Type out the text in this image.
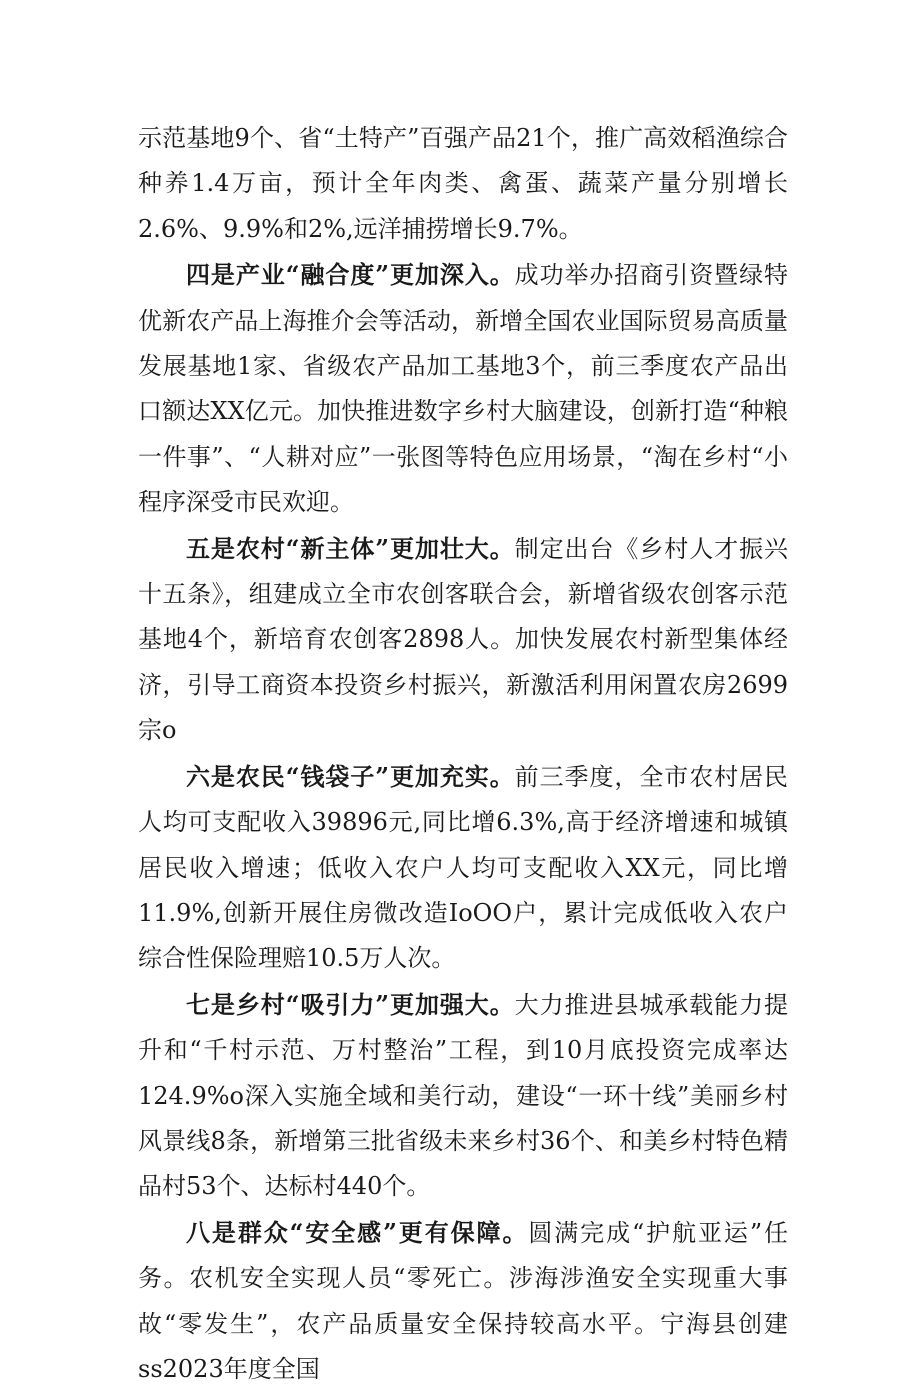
示范基地9个、省“土特产”百强产品21个，推广高效稻渔综合种养1.4万亩，预计全年肉类、禽蛋、蔬菜产量分别增长2.6%、9.9%和2%,远洋捕捞增长9.7%。

四是产业“融合度”更加深入。成功举办招商引资暨绿特优新农产品上海推介会等活动，新增全国农业国际贸易高质量发展基地1家、省级农产品加工基地3个，前三季度农产品出口额达XX亿元。加快推进数字乡村大脑建设，创新打造“种粮一件事”、“人耕对应”一张图等特色应用场景，“淘在乡村“小程序深受市民欢迎。

五是农村“新主体”更加壮大。制定出台《乡村人才振兴十五条》，组建成立全市农创客联合会，新增省级农创客示范基地4个，新培育农创客2898人。加快发展农村新型集体经济，引导工商资本投资乡村振兴，新激活利用闲置农房2699宗o

六是农民“钱袋子”更加充实。前三季度，全市农村居民人均可支配收入39896元,同比增6.3%,高于经济增速和城镇居民收入增速；低收入农户人均可支配收入XX元，同比增11.9%,创新开展住房微改造IoOO户，累计完成低收入农户综合性保险理赔10.5万人次。

七是乡村“吸引力”更加强大。大力推进县城承载能力提升和“千村示范、万村整治”工程，到10月底投资完成率达124.9%o深入实施全域和美行动，建设“一环十线”美丽乡村风景线8条，新增第三批省级未来乡村36个、和美乡村特色精品村53个、达标村440个。

八是群众“安全感”更有保障。圆满完成“护航亚运”任务。农机安全实现人员“零死亡。涉海涉渔安全实现重大事故“零发生”，农产品质量安全保持较高水平。宁海县创建ss2023年度全国
